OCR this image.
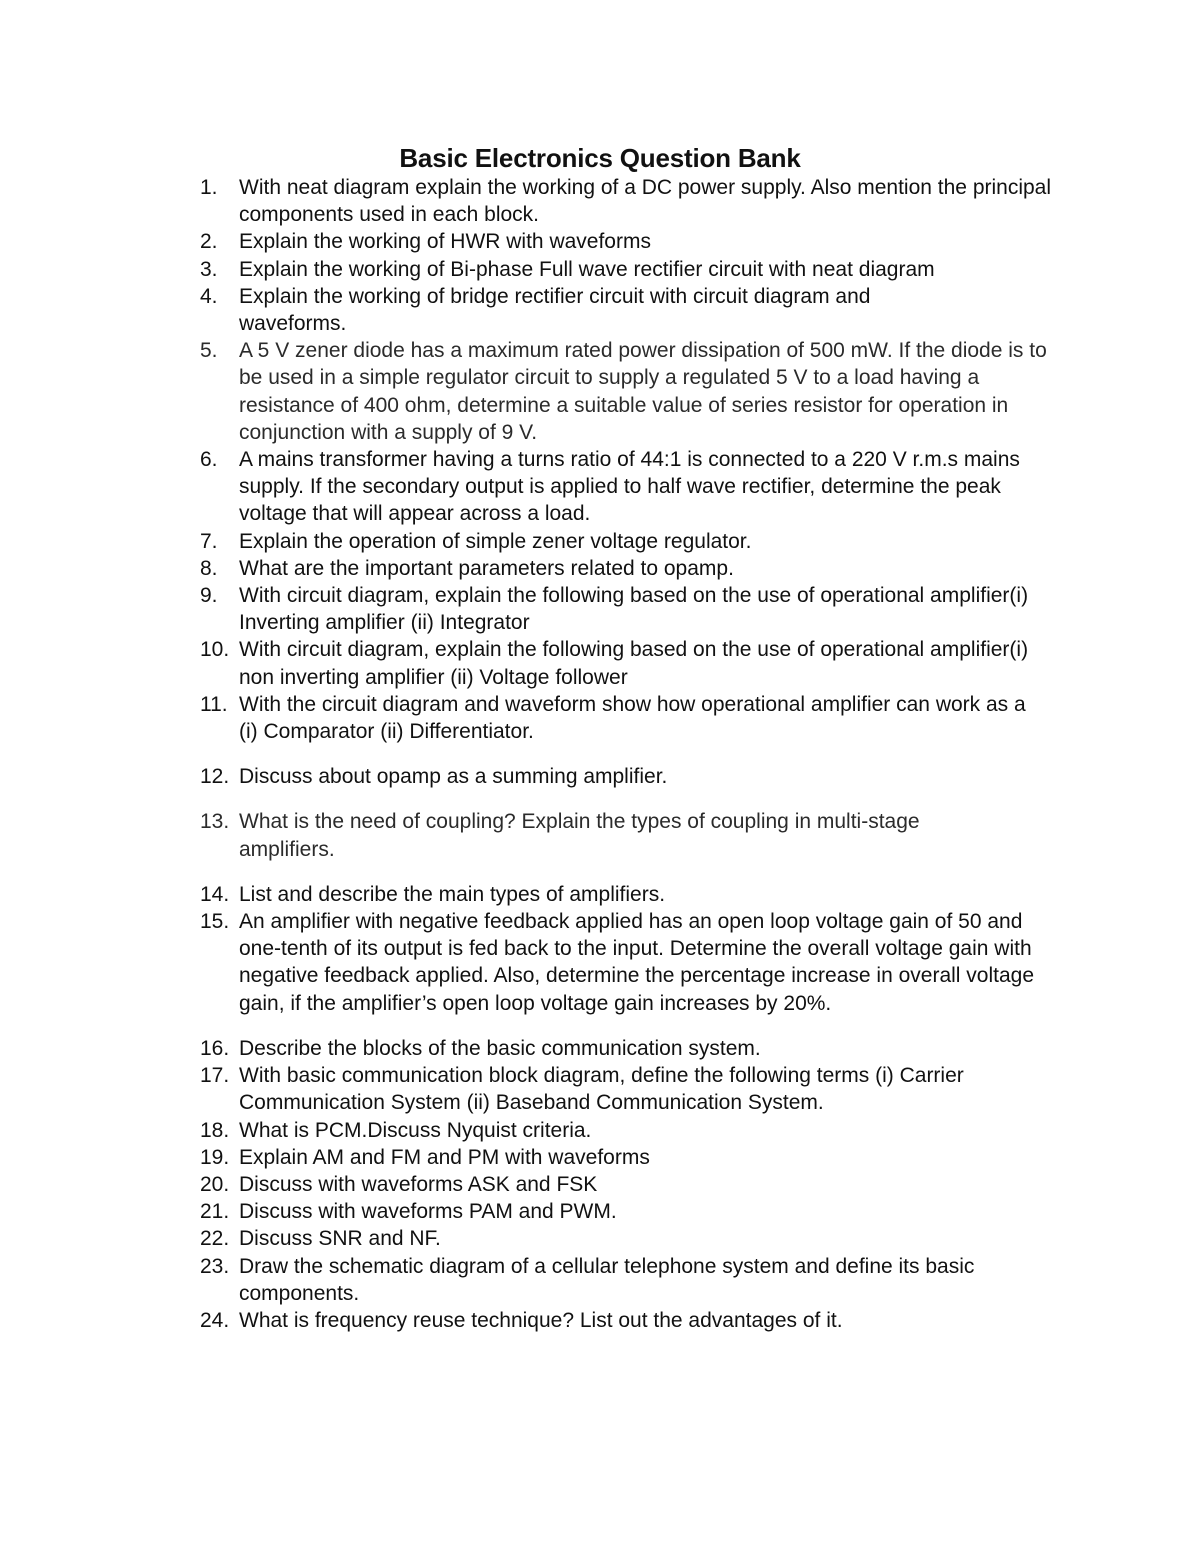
Basic Electronics Question Bank
1.	With neat diagram explain the working of a DC power supply. Also mention the principal components used in each block.
2.	Explain the working of HWR with waveforms
3.	Explain the working of Bi-phase Full wave rectifier circuit with neat diagram
4.	Explain the working of bridge rectifier circuit with circuit diagram and waveforms.
5.	A 5 V zener diode has a maximum rated power dissipation of 500 mW. If the diode is to be used in a simple regulator circuit to supply a regulated 5 V to a load having a resistance of 400 ohm, determine a suitable value of series resistor for operation in conjunction with a supply of 9 V.
6.	A mains transformer having a turns ratio of 44:1 is connected to a 220 V r.m.s mains supply. If the secondary output is applied to half wave rectifier, determine the peak voltage that will appear across a load.
7.	Explain the operation of simple zener voltage regulator.
8.	What are the important parameters related to opamp.
9.	With circuit diagram, explain the following based on the use of operational amplifier(i) Inverting amplifier (ii) Integrator
10. With circuit diagram, explain the following based on the use of operational amplifier(i) non inverting amplifier (ii) Voltage follower
11. With the circuit diagram and waveform show how operational amplifier can work as a (i) Comparator (ii) Differentiator.
12. Discuss about opamp as a summing amplifier.
13. What is the need of coupling? Explain the types of coupling in multi-stage amplifiers.
14. List and describe the main types of amplifiers.
15. An amplifier with negative feedback applied has an open loop voltage gain of 50 and one-tenth of its output is fed back to the input. Determine the overall voltage gain with negative feedback applied. Also, determine the percentage increase in overall voltage gain, if the amplifier’s open loop voltage gain increases by 20%.
16. Describe the blocks of the basic communication system.
17. With basic communication block diagram, define the following terms (i) Carrier Communication System (ii) Baseband Communication System.
18. What is PCM.Discuss Nyquist criteria.
19. Explain AM and FM and PM with waveforms
20. Discuss with waveforms ASK and FSK
21. Discuss with waveforms PAM and PWM.
22. Discuss SNR and NF.
23. Draw the schematic diagram of a cellular telephone system and define its basic components.
24. What is frequency reuse technique? List out the advantages of it.
